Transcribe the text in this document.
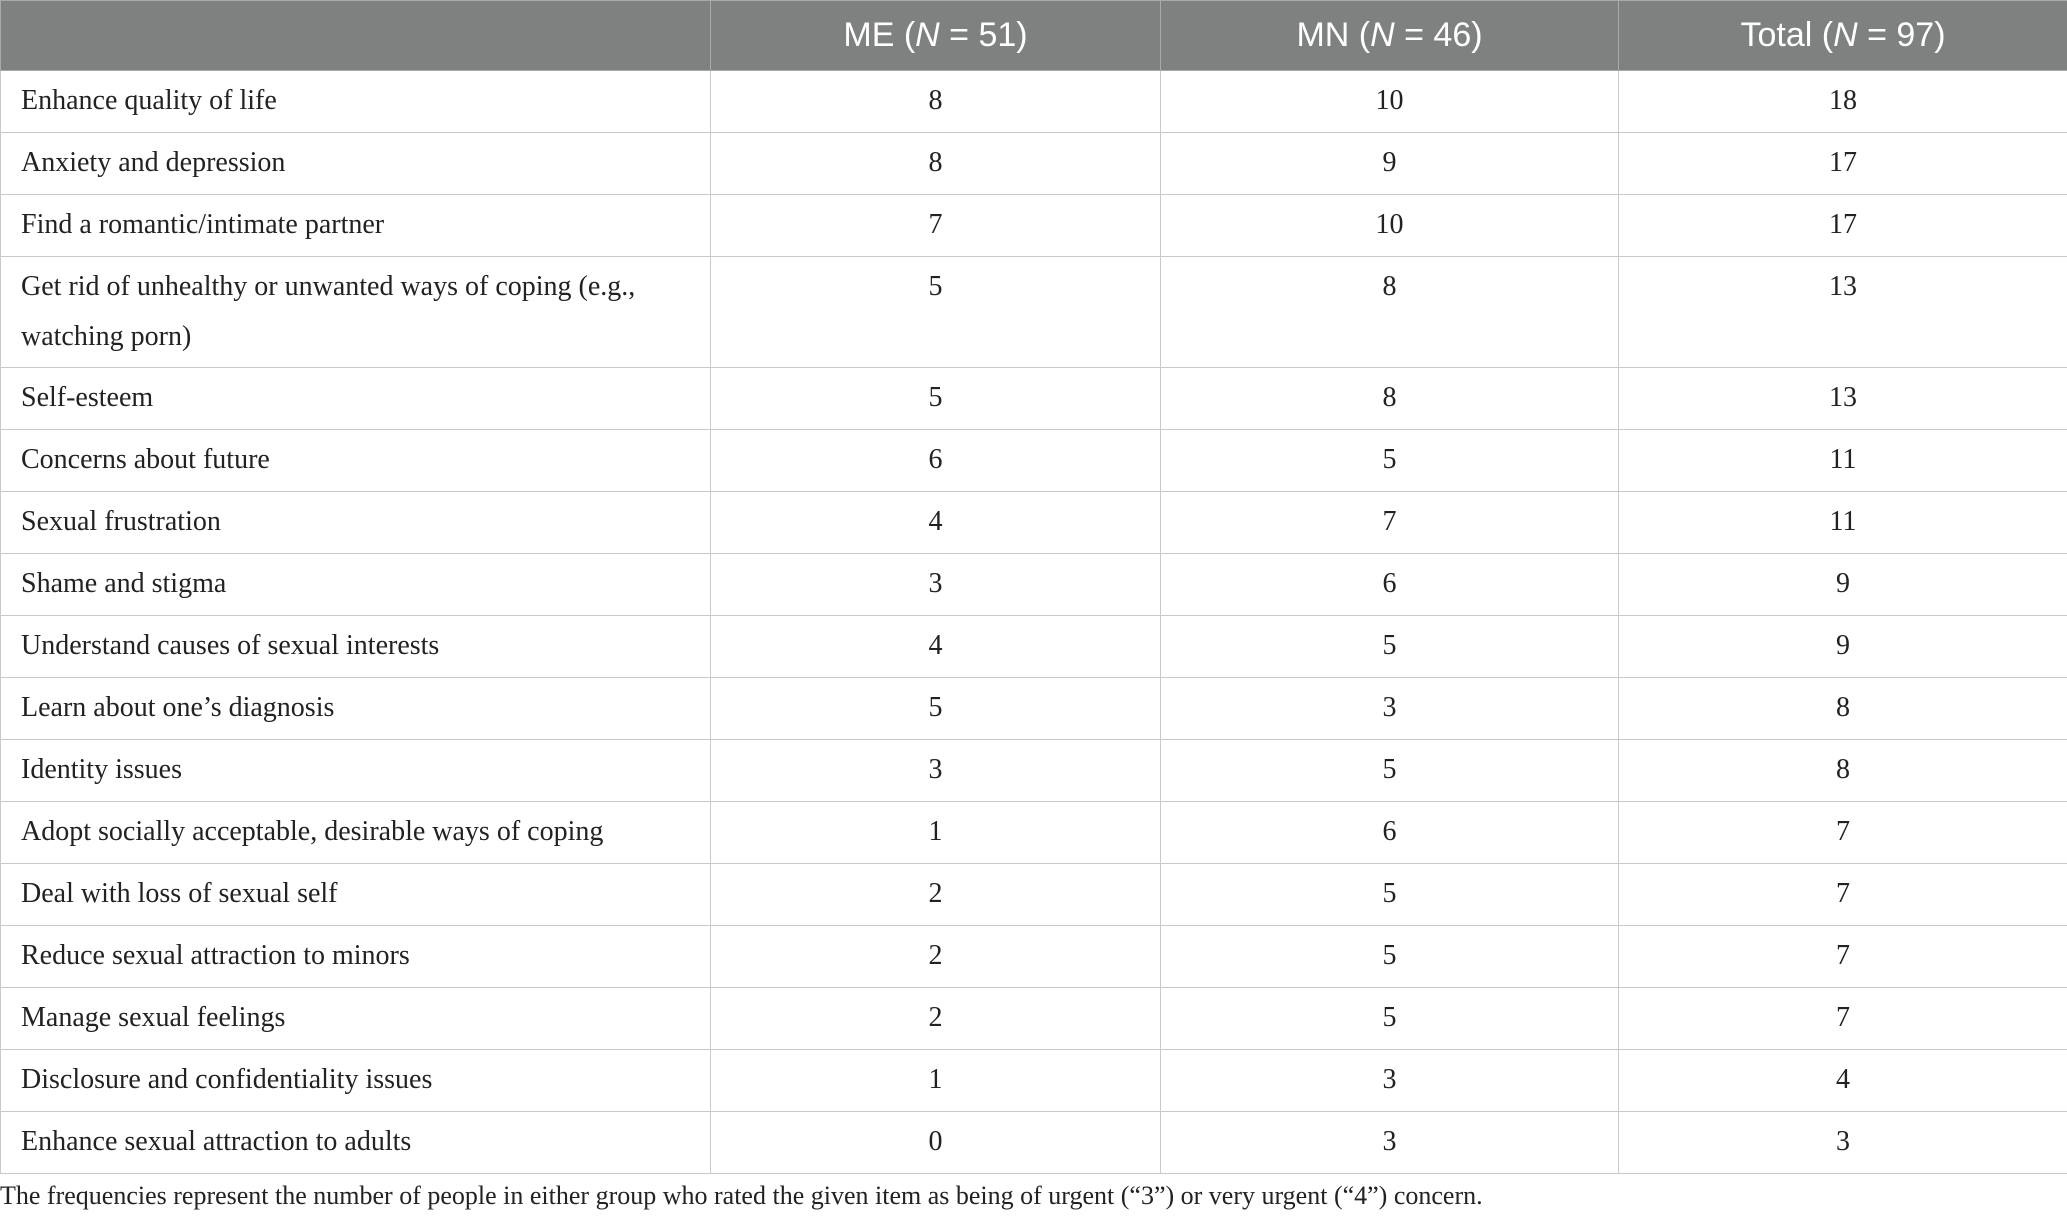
	ME (N = 51)	MN (N = 46)	Total (N = 97)
Enhance quality of life	8	10	18
Anxiety and depression	8	9	17
Find a romantic/intimate partner	7	10	17
Get rid of unhealthy or unwanted ways of coping (e.g., watching porn)	5	8	13
Self-esteem	5	8	13
Concerns about future	6	5	11
Sexual frustration	4	7	11
Shame and stigma	3	6	9
Understand causes of sexual interests	4	5	9
Learn about one’s diagnosis	5	3	8
Identity issues	3	5	8
Adopt socially acceptable, desirable ways of coping	1	6	7
Deal with loss of sexual self	2	5	7
Reduce sexual attraction to minors	2	5	7
Manage sexual feelings	2	5	7
Disclosure and confidentiality issues	1	3	4
Enhance sexual attraction to adults	0	3	3
The frequencies represent the number of people in either group who rated the given item as being of urgent (“3”) or very urgent (“4”) concern.
